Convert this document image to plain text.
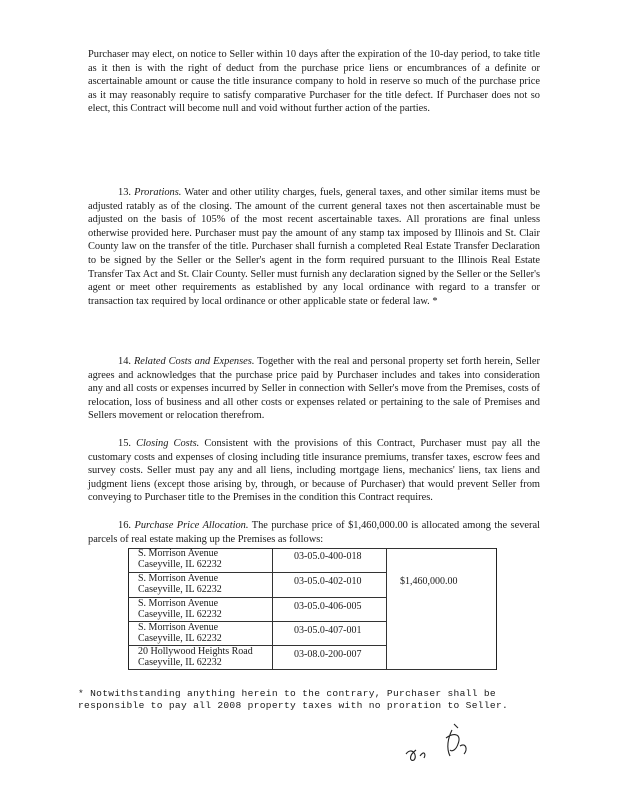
Purchaser may elect, on notice to Seller within 10 days after the expiration of the 10-day period, to take title as it then is with the right of deduct from the purchase price liens or encumbrances of a definite or ascertainable amount or cause the title insurance company to hold in reserve so much of the purchase price as it may reasonably require to satisfy comparative Purchaser for the title defect. If Purchaser does not so elect, this Contract will become null and void without further action of the parties.

13. Prorations. Water and other utility charges, fuels, general taxes, and other similar items must be adjusted ratably as of the closing. The amount of the current general taxes not then ascertainable must be adjusted on the basis of 105% of the most recent ascertainable taxes. All prorations are final unless otherwise provided here. Purchaser must pay the amount of any stamp tax imposed by Illinois and St. Clair County law on the transfer of the title. Purchaser shall furnish a completed Real Estate Transfer Declaration to be signed by the Seller or the Seller's agent in the form required pursuant to the Illinois Real Estate Transfer Tax Act and St. Clair County. Seller must furnish any declaration signed by the Seller or the Seller's agent or meet other requirements as established by any local ordinance with regard to a transfer or transaction tax required by local ordinance or other applicable state or federal law. *

14. Related Costs and Expenses. Together with the real and personal property set forth herein, Seller agrees and acknowledges that the purchase price paid by Purchaser includes and takes into consideration any and all costs or expenses incurred by Seller in connection with Seller's move from the Premises, costs of relocation, loss of business and all other costs or expenses related or pertaining to the sale of Premises and Sellers movement or relocation therefrom.

15. Closing Costs. Consistent with the provisions of this Contract, Purchaser must pay all the customary costs and expenses of closing including title insurance premiums, transfer taxes, escrow fees and survey costs. Seller must pay any and all liens, including mortgage liens, mechanics' liens, tax liens and judgment liens (except those arising by, through, or because of Purchaser) that would prevent Seller from conveying to Purchaser title to the Premises in the condition this Contract requires.

16. Purchase Price Allocation. The purchase price of $1,460,000.00 is allocated among the several parcels of real estate making up the Premises as follows:

S. Morrison Avenue
Caseyville, IL 62232
03-05.0-400-018
S. Morrison Avenue
Caseyville, IL 62232
03-05.0-402-010
S. Morrison Avenue
Caseyville, IL 62232
03-05.0-406-005
S. Morrison Avenue
Caseyville, IL 62232
03-05.0-407-001
20 Hollywood Heights Road
Caseyville, IL 62232
03-08.0-200-007
$1,460,000.00
* Notwithstanding anything herein to the contrary, Purchaser shall be responsible to pay all 2008 property taxes with no proration to Seller.
